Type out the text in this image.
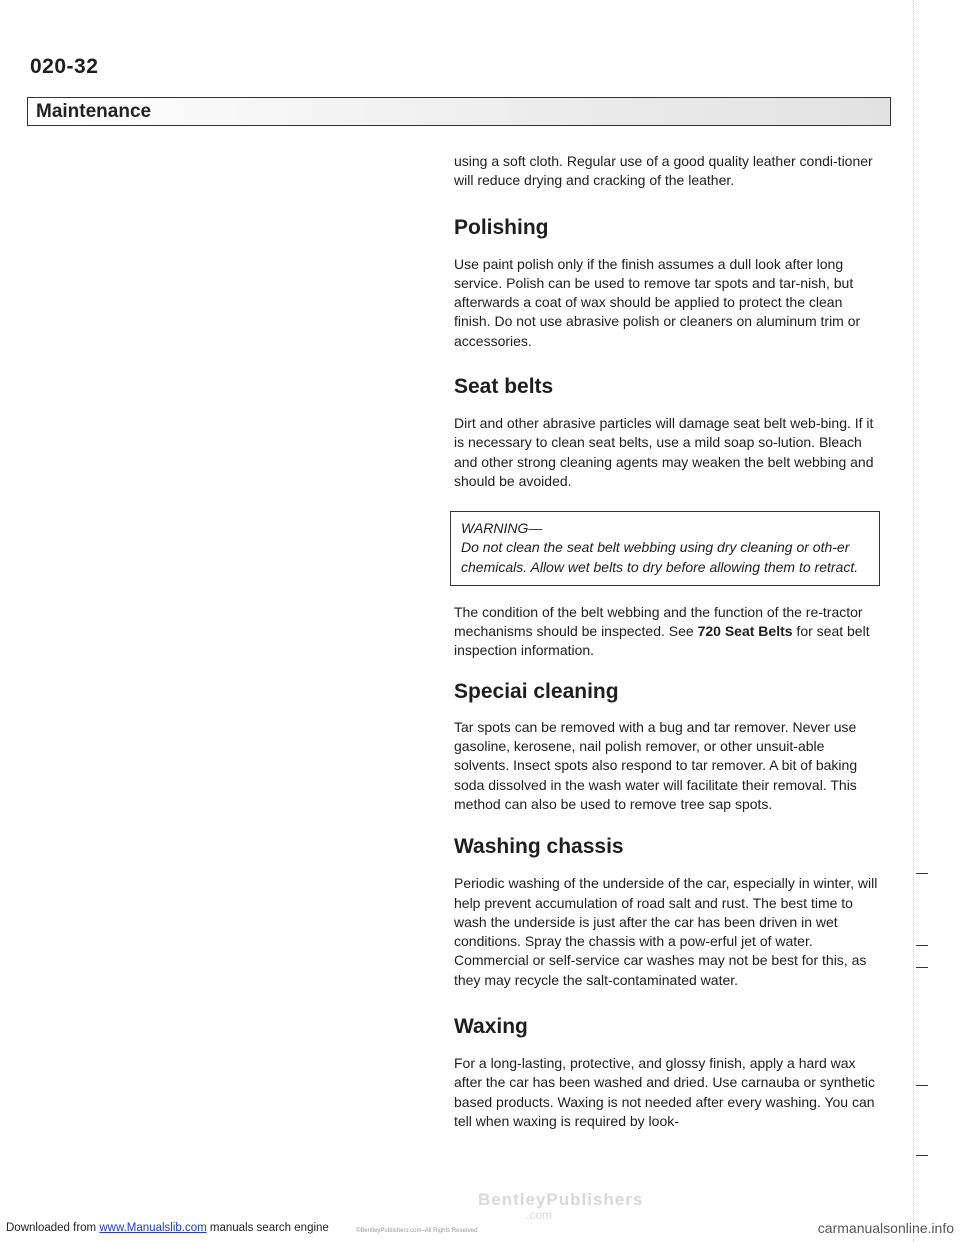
020-32
Maintenance

using a soft cloth. Regular use of a good quality leather condi-tioner will reduce drying and cracking of the leather.

Polishing

Use paint polish only if the finish assumes a dull look after long service. Polish can be used to remove tar spots and tar-nish, but afterwards a coat of wax should be applied to protect the clean finish. Do not use abrasive polish or cleaners on aluminum trim or accessories.

Seat belts

Dirt and other abrasive particles will damage seat belt web-bing. If it is necessary to clean seat belts, use a mild soap so-lution. Bleach and other strong cleaning agents may weaken the belt webbing and should be avoided.

WARNING—
Do not clean the seat belt webbing using dry cleaning or oth-er chemicals. Allow wet belts to dry before allowing them to retract.

The condition of the belt webbing and the function of the re-tractor mechanisms should be inspected. See 720 Seat Belts for seat belt inspection information.

Speciai cleaning

Tar spots can be removed with a bug and tar remover. Never use gasoline, kerosene, nail polish remover, or other unsuit-able solvents. Insect spots also respond to tar remover. A bit of baking soda dissolved in the wash water will facilitate their removal. This method can also be used to remove tree sap spots.

Washing chassis

Periodic washing of the underside of the car, especially in winter, will help prevent accumulation of road salt and rust. The best time to wash the underside is just after the car has been driven in wet conditions. Spray the chassis with a pow-erful jet of water. Commercial or self-service car washes may not be best for this, as they may recycle the salt-contaminated water.

Waxing

For a long-lasting, protective, and glossy finish, apply a hard wax after the car has been washed and dried. Use carnauba or synthetic based products. Waxing is not needed after every washing. You can tell when waxing is required by look-

BentleyPublishers
.com
©BentleyPublishers.com–All Rights Reserved
Downloaded from www.Manualslib.com manuals search engine	carmanualsonline.info
